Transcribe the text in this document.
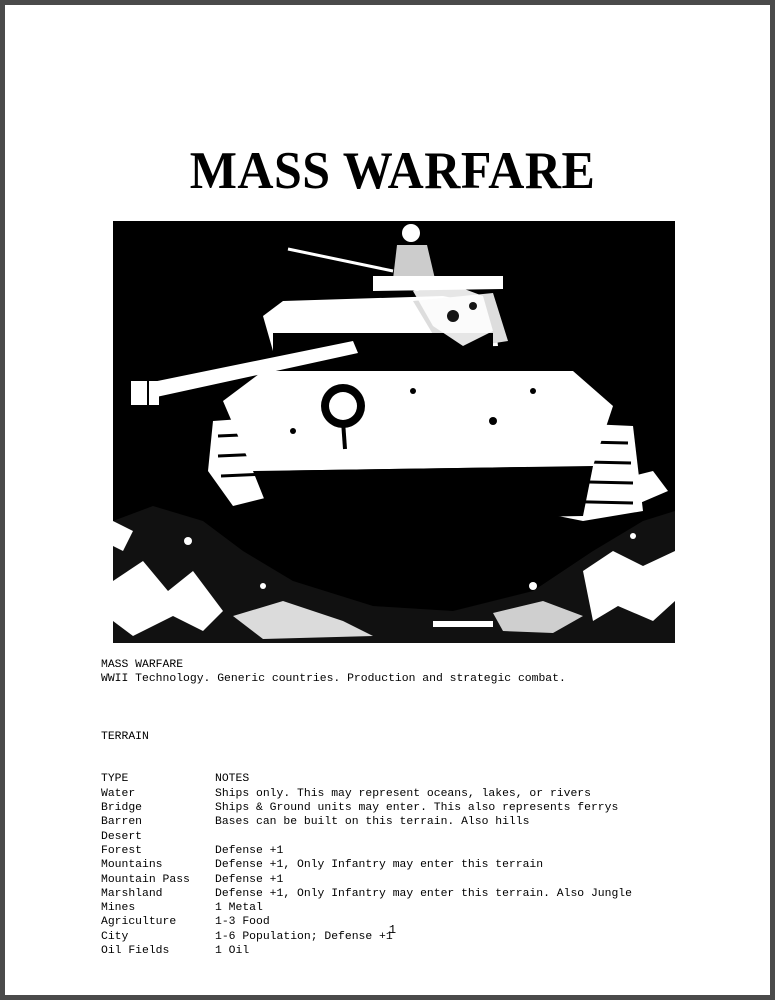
MASS WARFARE
MASS WARFARE
WWII Technology. Generic countries. Production and strategic combat.

TERRAIN

TYPE	NOTES
Water	Ships only. This may represent oceans, lakes, or rivers
Bridge	Ships & Ground units may enter. This also represents ferrys
Barren	Bases can be built on this terrain. Also hills
Desert	
Forest	Defense +1
Mountains	Defense +1, Only Infantry may enter this terrain
Mountain Pass	Defense +1
Marshland	Defense +1, Only Infantry may enter this terrain. Also Jungle
Mines	1 Metal
Agriculture	1-3 Food
City	1-6 Population; Defense +1
Oil Fields	1 Oil

1
